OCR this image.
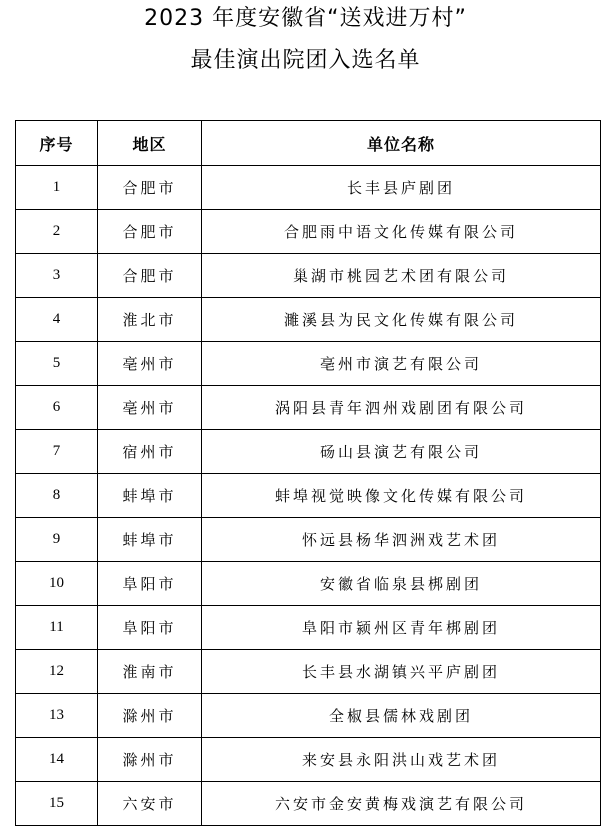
2023 年度安徽省“送戏进万村”
最佳演出院团入选名单
序号	地区	单位名称
1	合肥市	长丰县庐剧团
2	合肥市	合肥雨中语文化传媒有限公司
3	合肥市	巢湖市桃园艺术团有限公司
4	淮北市	濉溪县为民文化传媒有限公司
5	亳州市	亳州市演艺有限公司
6	亳州市	涡阳县青年泗州戏剧团有限公司
7	宿州市	砀山县演艺有限公司
8	蚌埠市	蚌埠视觉映像文化传媒有限公司
9	蚌埠市	怀远县杨华泗洲戏艺术团
10	阜阳市	安徽省临泉县梆剧团
11	阜阳市	阜阳市颍州区青年梆剧团
12	淮南市	长丰县水湖镇兴平庐剧团
13	滁州市	全椒县儒林戏剧团
14	滁州市	来安县永阳洪山戏艺术团
15	六安市	六安市金安黄梅戏演艺有限公司
